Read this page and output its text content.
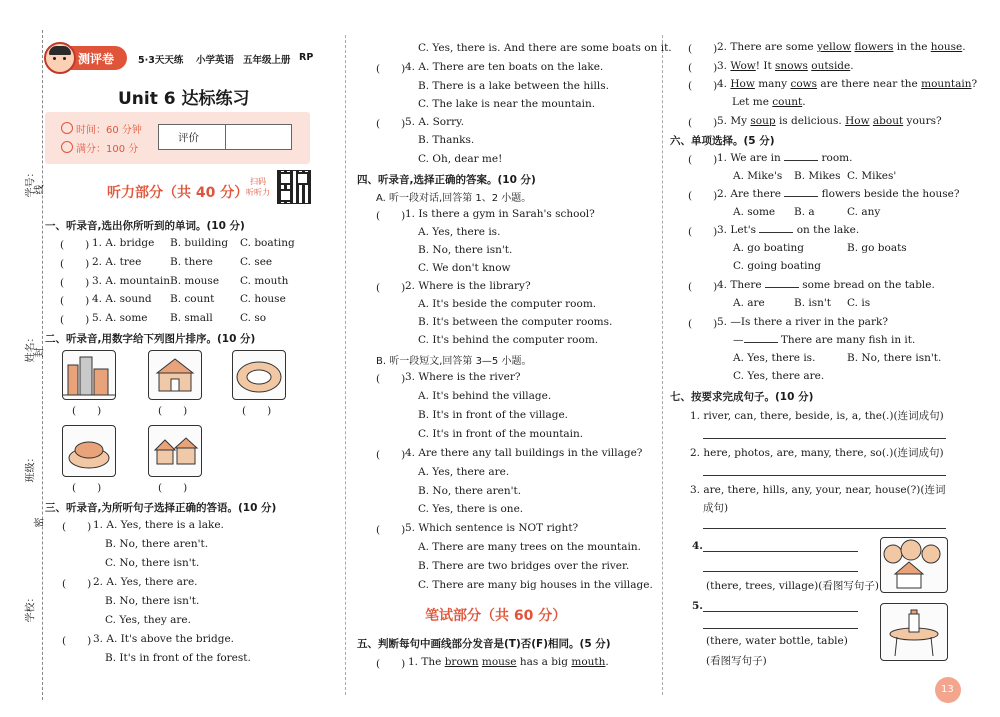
学号：
线
姓名：
封
班级：
密
学校：
测评卷	5·3天天练 小学英语 五年级上册 RP
Unit 6 达标练习
时间：60 分钟
满分：100 分
评价
听力部分（共 40 分）
扫码
听听力
一、听录音,选出你所听到的单词。(10 分)
(　　) 1. A. bridge B. building C. boating
(　　) 2. A. tree	B. there	C. see
(　　) 3. A. mountain B. mouse C. mouth
(　　) 4. A. sound B. count C. house
(　　) 5. A. some B. small	C. so
二、听录音,用数字给下列图片排序。(10 分)
(　　)	(　　)	(　　)
(　　)	(　　)
三、听录音,为所听句子选择正确的答语。(10 分)
(　　) 1. A. Yes, there is a lake.
B. No, there aren't.
C. No, there isn't.
(　　) 2. A. Yes, there are.
B. No, there isn't.
C. Yes, they are.
(　　) 3. A. It's above the bridge.
B. It's in front of the forest.
C. Yes, there is. And there are some boats on it.
(　　) 4. A. There are ten boats on the lake.
B. There is a lake between the hills.
C. The lake is near the mountain.
(　　) 5. A. Sorry.
B. Thanks.
C. Oh, dear me!
四、听录音,选择正确的答案。(10 分)
A. 听一段对话,回答第 1、2 小题。
(　　) 1. Is there a gym in Sarah's school?
A. Yes, there is.
B. No, there isn't.
C. We don't know
(　　) 2. Where is the library?
A. It's beside the computer room.
B. It's between the computer rooms.
C. It's behind the computer room.
B. 听一段短文,回答第 3—5 小题。
(　　) 3. Where is the river?
A. It's behind the village.
B. It's in front of the village.
C. It's in front of the mountain.
(　　) 4. Are there any tall buildings in the village?
A. Yes, there are.
B. No, there aren't.
C. Yes, there is one.
(　　) 5. Which sentence is NOT right?
A. There are many trees on the mountain.
B. There are two bridges over the river.
C. There are many big houses in the village.
笔试部分（共 60 分）
五、判断每句中画线部分发音是(T)否(F)相同。(5 分)
(　　) 1. The brown mouse has a big mouth.
(　　) 2. There are some yellow flowers in the house.
(　　) 3. Wow! It snows outside.
(　　) 4. How many cows are there near the mountain?
Let me count.
(　　) 5. My soup is delicious. How about yours?
六、单项选择。(5 分)
(　　) 1. We are in	room.
A. Mike's B. Mikes C. Mikes'
(　　) 2. Are there	flowers beside the house?
A. some B. a	C. any
(　　) 3. Let's	on the lake.
A. go boating	B. go boats
C. going boating
(　　) 4. There	some bread on the table.
A. are	B. isn't C. is
(　　) 5. —Is there a river in the park?
—	There are many fish in it.
A. Yes, there is.	B. No, there isn't.
C. Yes, there are.
七、按要求完成句子。(10 分)
1. river, can, there, beside, is, a, the(.)(连词成句)
2. here, photos, are, many, there, so(.)(连词成句)
3. are, there, hills, any, your, near, house(?)(连词
成句)
4.
(there, trees, village)(看图写句子)
5.
(there, water bottle, table)
(看图写句子)
13
